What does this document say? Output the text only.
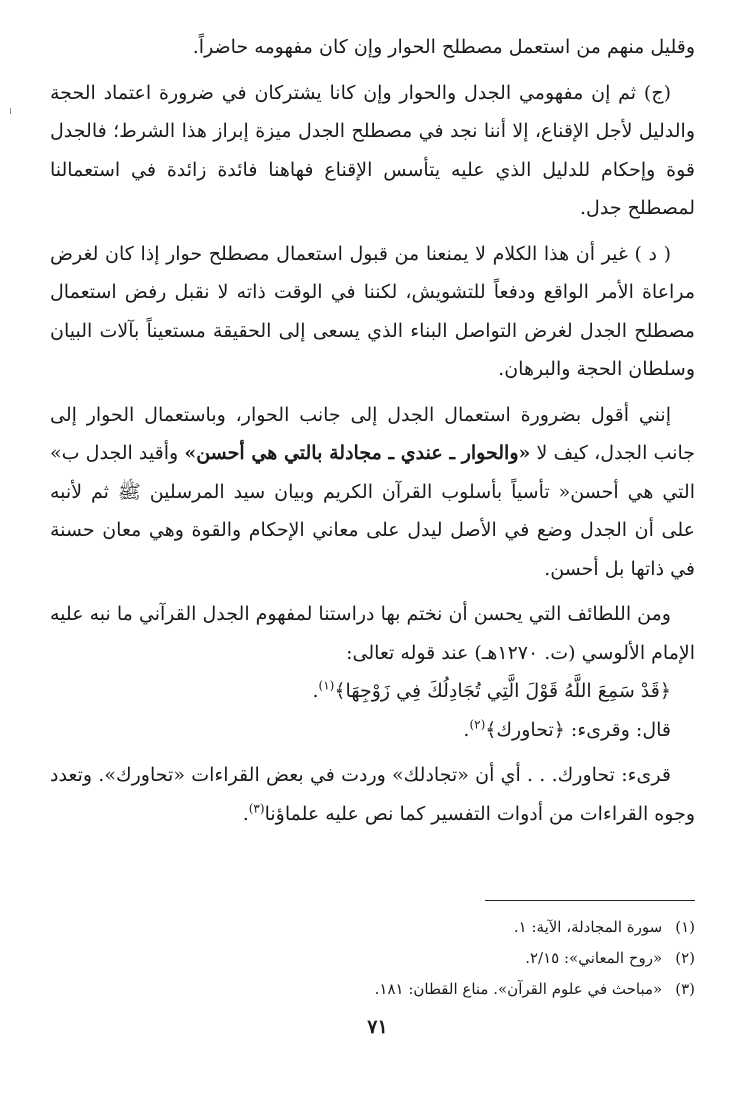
وقليل منهم من استعمل مصطلح الحوار وإن كان مفهومه حاضراً.

(ج) ثم إن مفهومي الجدل والحوار وإن كانا يشتركان في ضرورة اعتماد الحجة والدليل لأجل الإقناع، إلا أننا نجد في مصطلح الجدل ميزة إبراز هذا الشرط؛ فالجدل قوة وإحكام للدليل الذي عليه يتأسس الإقناع فهاهنا فائدة زائدة في استعمالنا لمصطلح جدل.

( د ) غير أن هذا الكلام لا يمنعنا من قبول استعمال مصطلح حوار إذا كان لغرض مراعاة الأمر الواقع ودفعاً للتشويش، لكننا في الوقت ذاته لا نقبل رفض استعمال مصطلح الجدل لغرض التواصل البناء الذي يسعى إلى الحقيقة مستعيناً بآلات البيان وسلطان الحجة والبرهان.

إنني أقول بضرورة استعمال الجدل إلى جانب الحوار، وباستعمال الحوار إلى جانب الجدل، كيف لا «والحوار ـ عندي ـ مجادلة بالتي هي أحسن» وأقيد الجدل ب» التي هي أحسن« تأسياً بأسلوب القرآن الكريم وبيان سيد المرسلين ﷺ ثم لأنبه على أن الجدل وضع في الأصل ليدل على معاني الإحكام والقوة وهي معان حسنة في ذاتها بل أحسن.

ومن اللطائف التي يحسن أن نختم بها دراستنا لمفهوم الجدل القرآني ما نبه عليه الإمام الألوسي (ت. ١٢٧٠هـ) عند قوله تعالى:

﴿قَدْ سَمِعَ اللَّهُ قَوْلَ الَّتِي تُجَادِلُكَ فِي زَوْجِهَا﴾$^{(١)}$.

قال: وقرىء: ﴿تحاورك﴾$^{(٢)}$.

قرىء: تحاورك. . . أي أن «تجادلك» وردت في بعض القراءات «تحاورك». وتعدد وجوه القراءات من أدوات التفسير كما نص عليه علماؤنا$^{(٣)}$.

(١) سورة المجادلة، الآية: ١.
(٢) «روح المعاني»: ٢/١٥.
(٣) «مباحث في علوم القرآن». مناع القطان: ١٨١.
٧١
